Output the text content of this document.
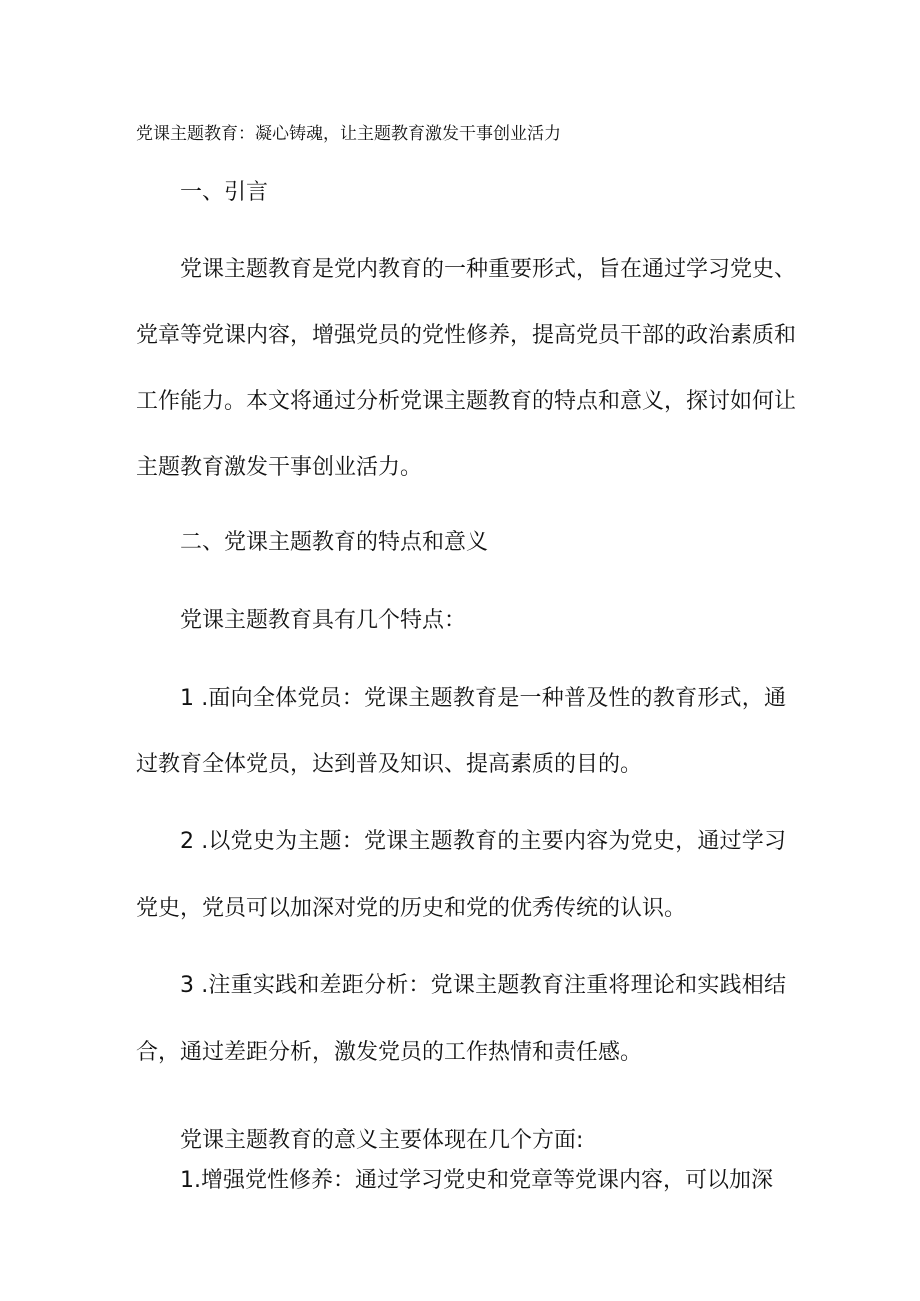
党课主题教育：凝心铸魂，让主题教育激发干事创业活力
一、引言

党课主题教育是党内教育的一种重要形式，旨在通过学习党史、

党章等党课内容，增强党员的党性修养，提高党员干部的政治素质和

工作能力。本文将通过分析党课主题教育的特点和意义，探讨如何让

主题教育激发干事创业活力。

二、党课主题教育的特点和意义

党课主题教育具有几个特点：

1 .面向全体党员：党课主题教育是一种普及性的教育形式，通

过教育全体党员，达到普及知识、提高素质的目的。

2 .以党史为主题：党课主题教育的主要内容为党史，通过学习

党史，党员可以加深对党的历史和党的优秀传统的认识。

3 .注重实践和差距分析：党课主题教育注重将理论和实践相结

合，通过差距分析，激发党员的工作热情和责任感。

党课主题教育的意义主要体现在几个方面:

1.增强党性修养：通过学习党史和党章等党课内容，可以加深
